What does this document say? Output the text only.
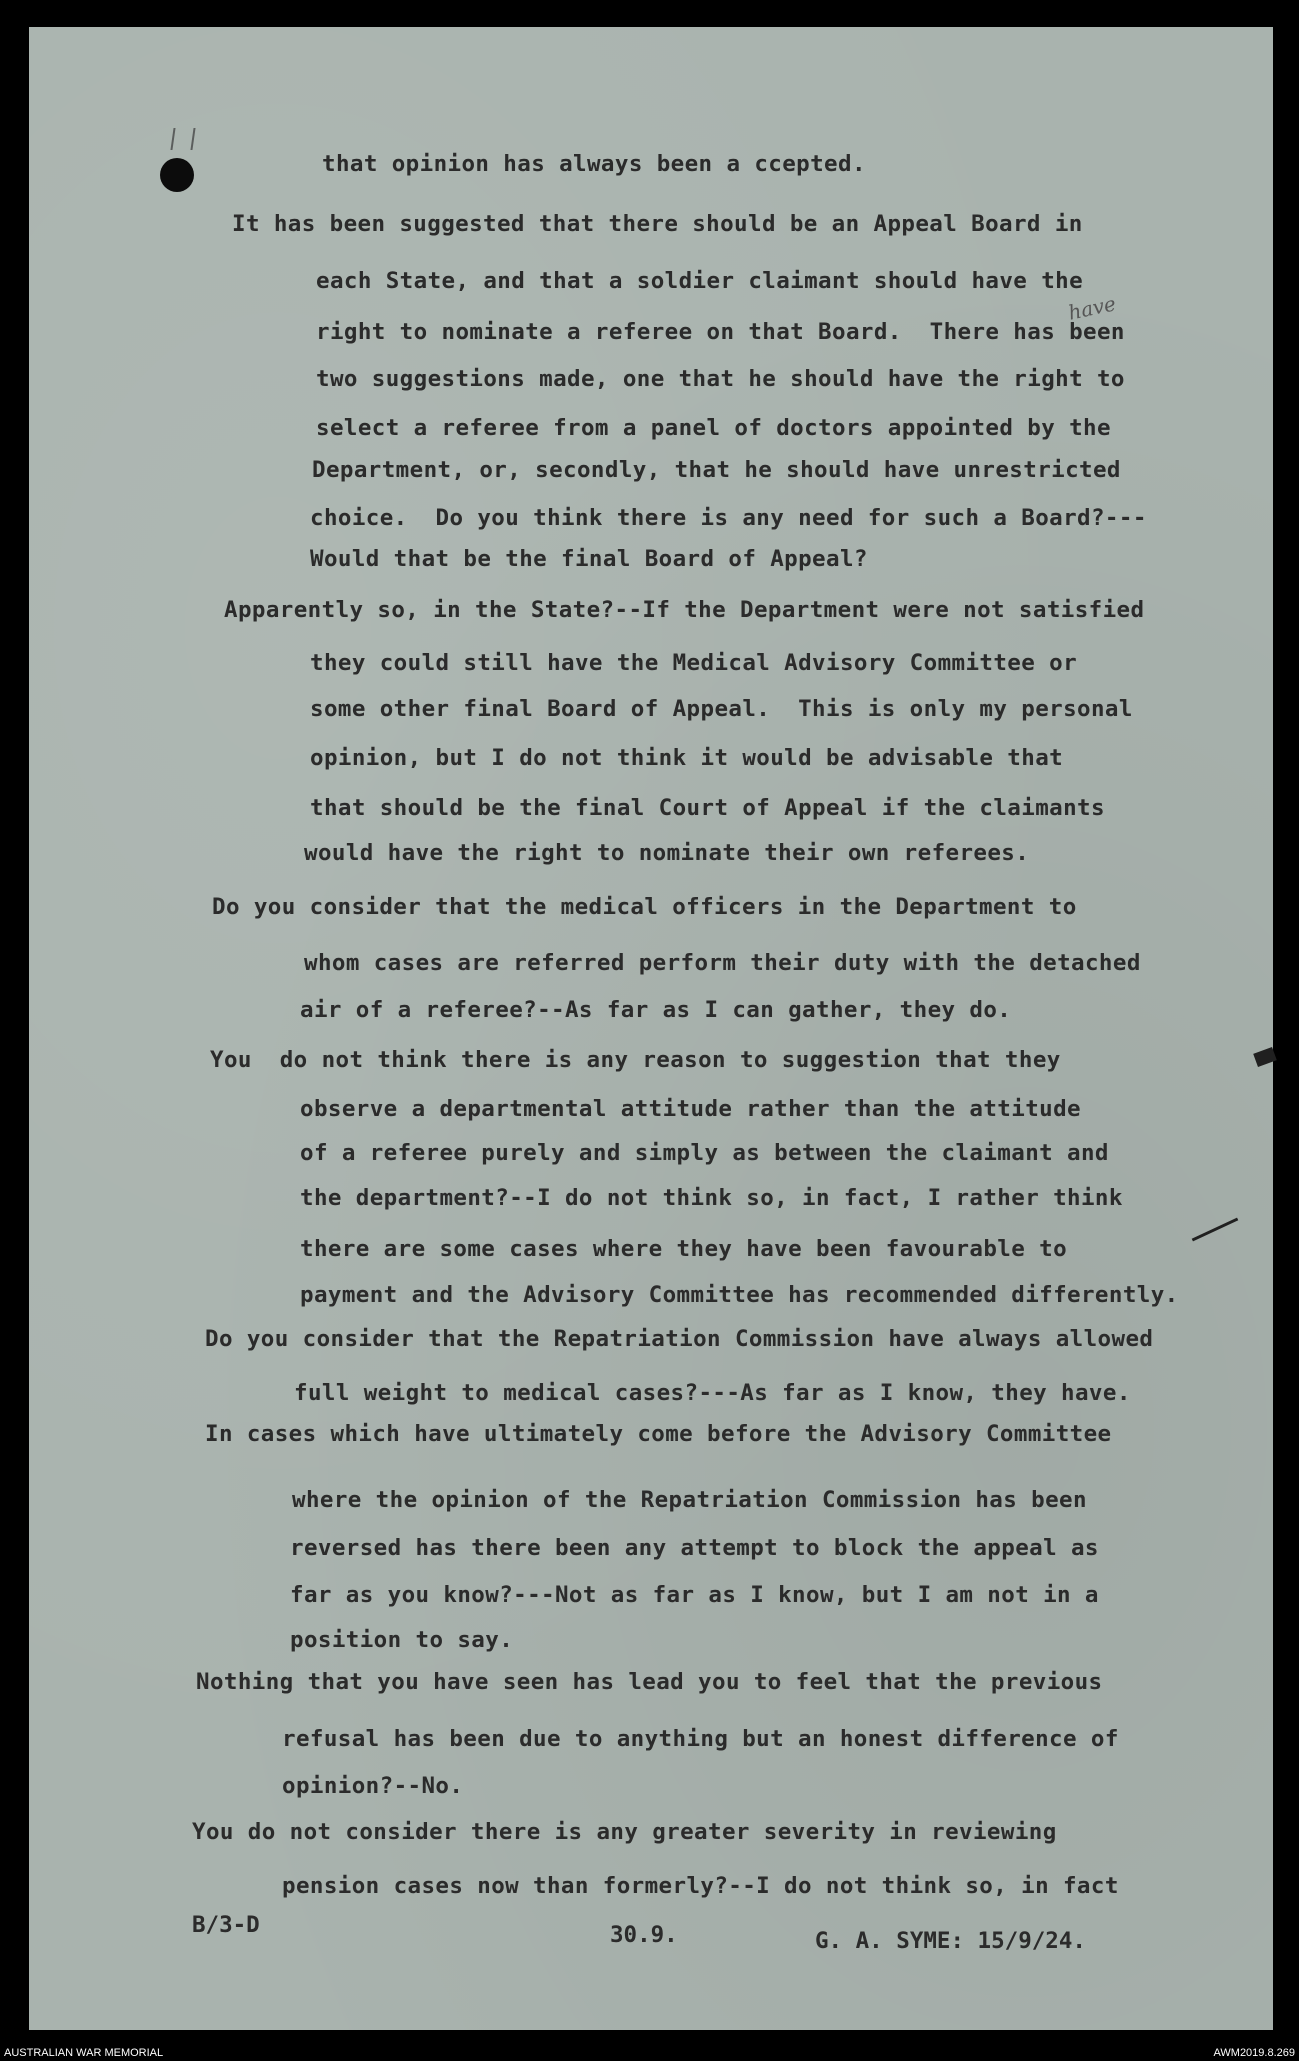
have
that opinion has always been a ccepted.
It has been suggested that there should be an Appeal Board in
each State, and that a soldier claimant should have the
right to nominate a referee on that Board.  There has been
two suggestions made, one that he should have the right to
select a referee from a panel of doctors appointed by the
Department, or, secondly, that he should have unrestricted
choice.  Do you think there is any need for such a Board?---
Would that be the final Board of Appeal?
Apparently so, in the State?--If the Department were not satisfied
they could still have the Medical Advisory Committee or
some other final Board of Appeal.  This is only my personal
opinion, but I do not think it would be advisable that
that should be the final Court of Appeal if the claimants
would have the right to nominate their own referees.
Do you consider that the medical officers in the Department to
whom cases are referred perform their duty with the detached
air of a referee?--As far as I can gather, they do.
You  do not think there is any reason to suggestion that they
observe a departmental attitude rather than the attitude
of a referee purely and simply as between the claimant and
the department?--I do not think so, in fact, I rather think
there are some cases where they have been favourable to
payment and the Advisory Committee has recommended differently.
Do you consider that the Repatriation Commission have always allowed
full weight to medical cases?---As far as I know, they have.
In cases which have ultimately come before the Advisory Committee
where the opinion of the Repatriation Commission has been
reversed has there been any attempt to block the appeal as
far as you know?---Not as far as I know, but I am not in a
position to say.
Nothing that you have seen has lead you to feel that the previous
refusal has been due to anything but an honest difference of
opinion?--No.
You do not consider there is any greater severity in reviewing
pension cases now than formerly?--I do not think so, in fact
B/3-D	30.9.	G. A. SYME: 15/9/24.
AUSTRALIAN WAR MEMORIAL	AWM2019.8.269
